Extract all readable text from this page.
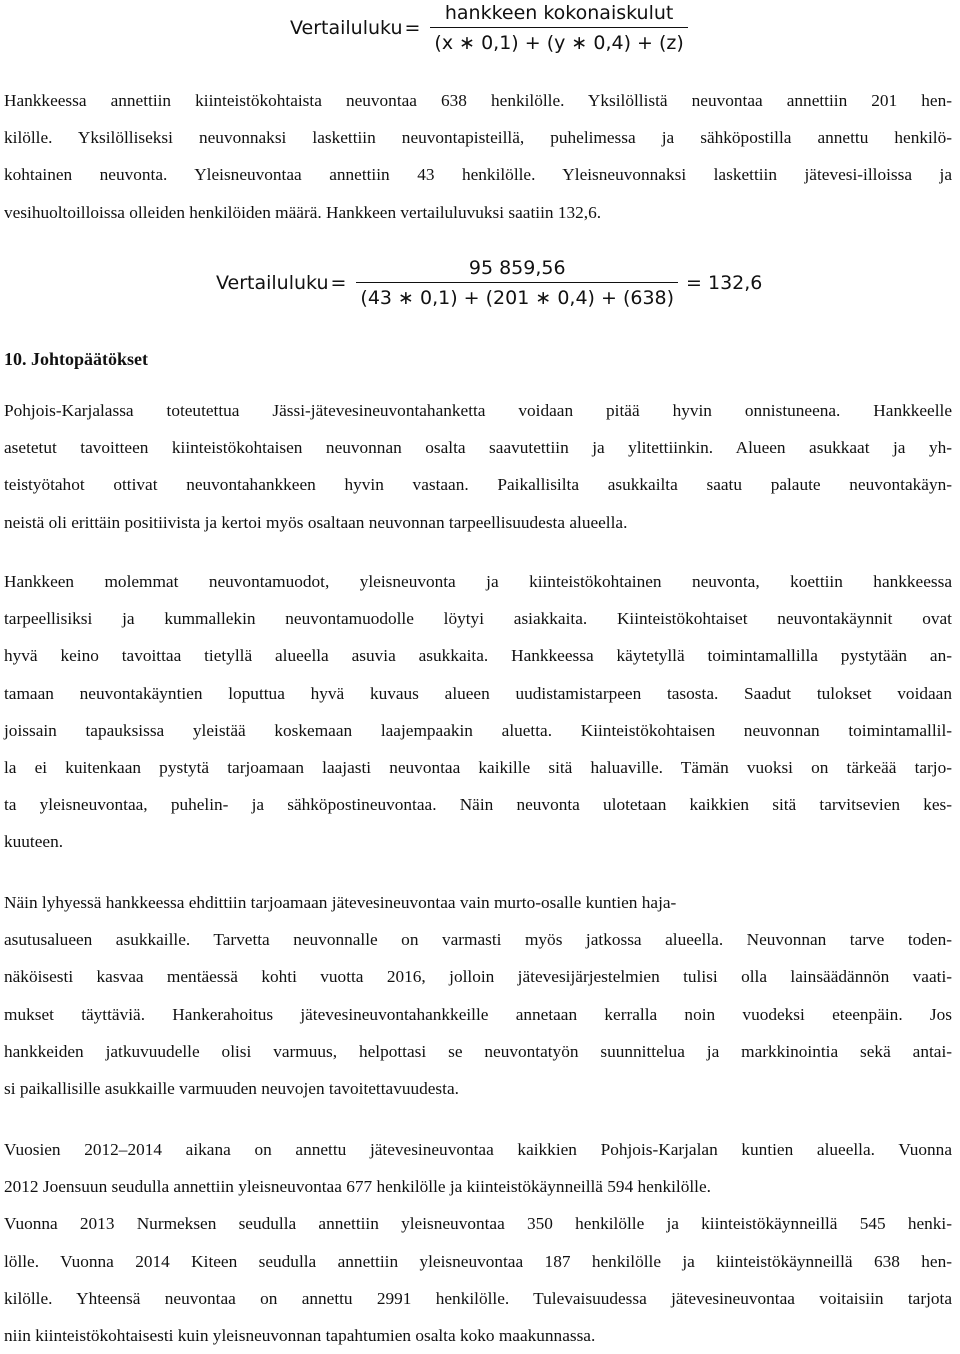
Vertailuluku = $\frac{\text{hankkeen kokonaiskulut}}{(x ∗ 0,1) + (y ∗ 0,4) + (z)}$
Hankkeessa annettiin kiinteistökohtaista neuvontaa 638 henkilölle. Yksilöllistä neuvontaa annettiin 201 hen-
kilölle. Yksilölliseksi neuvonnaksi laskettiin neuvontapisteillä, puhelimessa ja sähköpostilla annettu henkilö-
kohtainen neuvonta. Yleisneuvontaa annettiin 43 henkilölle. Yleisneuvonnaksi laskettiin jätevesi-illoissa ja
vesihuoltoilloissa olleiden henkilöiden määrä. Hankkeen vertailuluvuksi saatiin 132,6.
Vertailuluku = $\frac{95 859,56}{(43 ∗ 0,1) + (201 ∗ 0,4) + (638)} = 132,6$
10. Johtopäätökset
Pohjois-Karjalassa toteutettua Jässi-jätevesineuvontahanketta voidaan pitää hyvin onnistuneena. Hankkeelle
asetetut tavoitteen kiinteistökohtaisen neuvonnan osalta saavutettiin ja ylitettiinkin. Alueen asukkaat ja yh-
teistyötahot ottivat neuvontahankkeen hyvin vastaan. Paikallisilta asukkailta saatu palaute neuvontakäyn-
neistä oli erittäin positiivista ja kertoi myös osaltaan neuvonnan tarpeellisuudesta alueella.
Hankkeen molemmat neuvontamuodot, yleisneuvonta ja kiinteistökohtainen neuvonta, koettiin hankkeessa
tarpeellisiksi ja kummallekin neuvontamuodolle löytyi asiakkaita. Kiinteistökohtaiset neuvontakäynnit ovat
hyvä keino tavoittaa tietyllä alueella asuvia asukkaita. Hankkeessa käytetyllä toimintamallilla pystytään an-
tamaan neuvontakäyntien loputtua hyvä kuvaus alueen uudistamistarpeen tasosta. Saadut tulokset voidaan
joissain tapauksissa yleistää koskemaan laajempaakin aluetta. Kiinteistökohtaisen neuvonnan toimintamallil-
la ei kuitenkaan pystytä tarjoamaan laajasti neuvontaa kaikille sitä haluaville. Tämän vuoksi on tärkeää tarjo-
ta yleisneuvontaa, puhelin- ja sähköpostineuvontaa. Näin neuvonta ulotetaan kaikkien sitä tarvitsevien kes-
kuuteen.
Näin lyhyessä hankkeessa ehdittiin tarjoamaan jätevesineuvontaa vain murto-osalle kuntien haja-
asutusalueen asukkaille. Tarvetta neuvonnalle on varmasti myös jatkossa alueella. Neuvonnan tarve toden-
näköisesti kasvaa mentäessä kohti vuotta 2016, jolloin jätevesijärjestelmien tulisi olla lainsäädännön vaati-
mukset täyttäviä. Hankerahoitus jätevesineuvontahankkeille annetaan kerralla noin vuodeksi eteenpäin. Jos
hankkeiden jatkuvuudelle olisi varmuus, helpottasi se neuvontatyön suunnittelua ja markkinointia sekä antai-
si paikallisille asukkaille varmuuden neuvojen tavoitettavuudesta.
Vuosien 2012–2014 aikana on annettu jätevesineuvontaa kaikkien Pohjois-Karjalan kuntien alueella. Vuonna
2012 Joensuun seudulla annettiin yleisneuvontaa 677 henkilölle ja kiinteistökäynneillä 594 henkilölle.
Vuonna 2013 Nurmeksen seudulla annettiin yleisneuvontaa 350 henkilölle ja kiinteistökäynneillä 545 henki-
lölle. Vuonna 2014 Kiteen seudulla annettiin yleisneuvontaa 187 henkilölle ja kiinteistökäynneillä 638 hen-
kilölle. Yhteensä neuvontaa on annettu 2991 henkilölle. Tulevaisuudessa jätevesineuvontaa voitaisiin tarjota
niin kiinteistökohtaisesti kuin yleisneuvonnan tapahtumien osalta koko maakunnassa.
